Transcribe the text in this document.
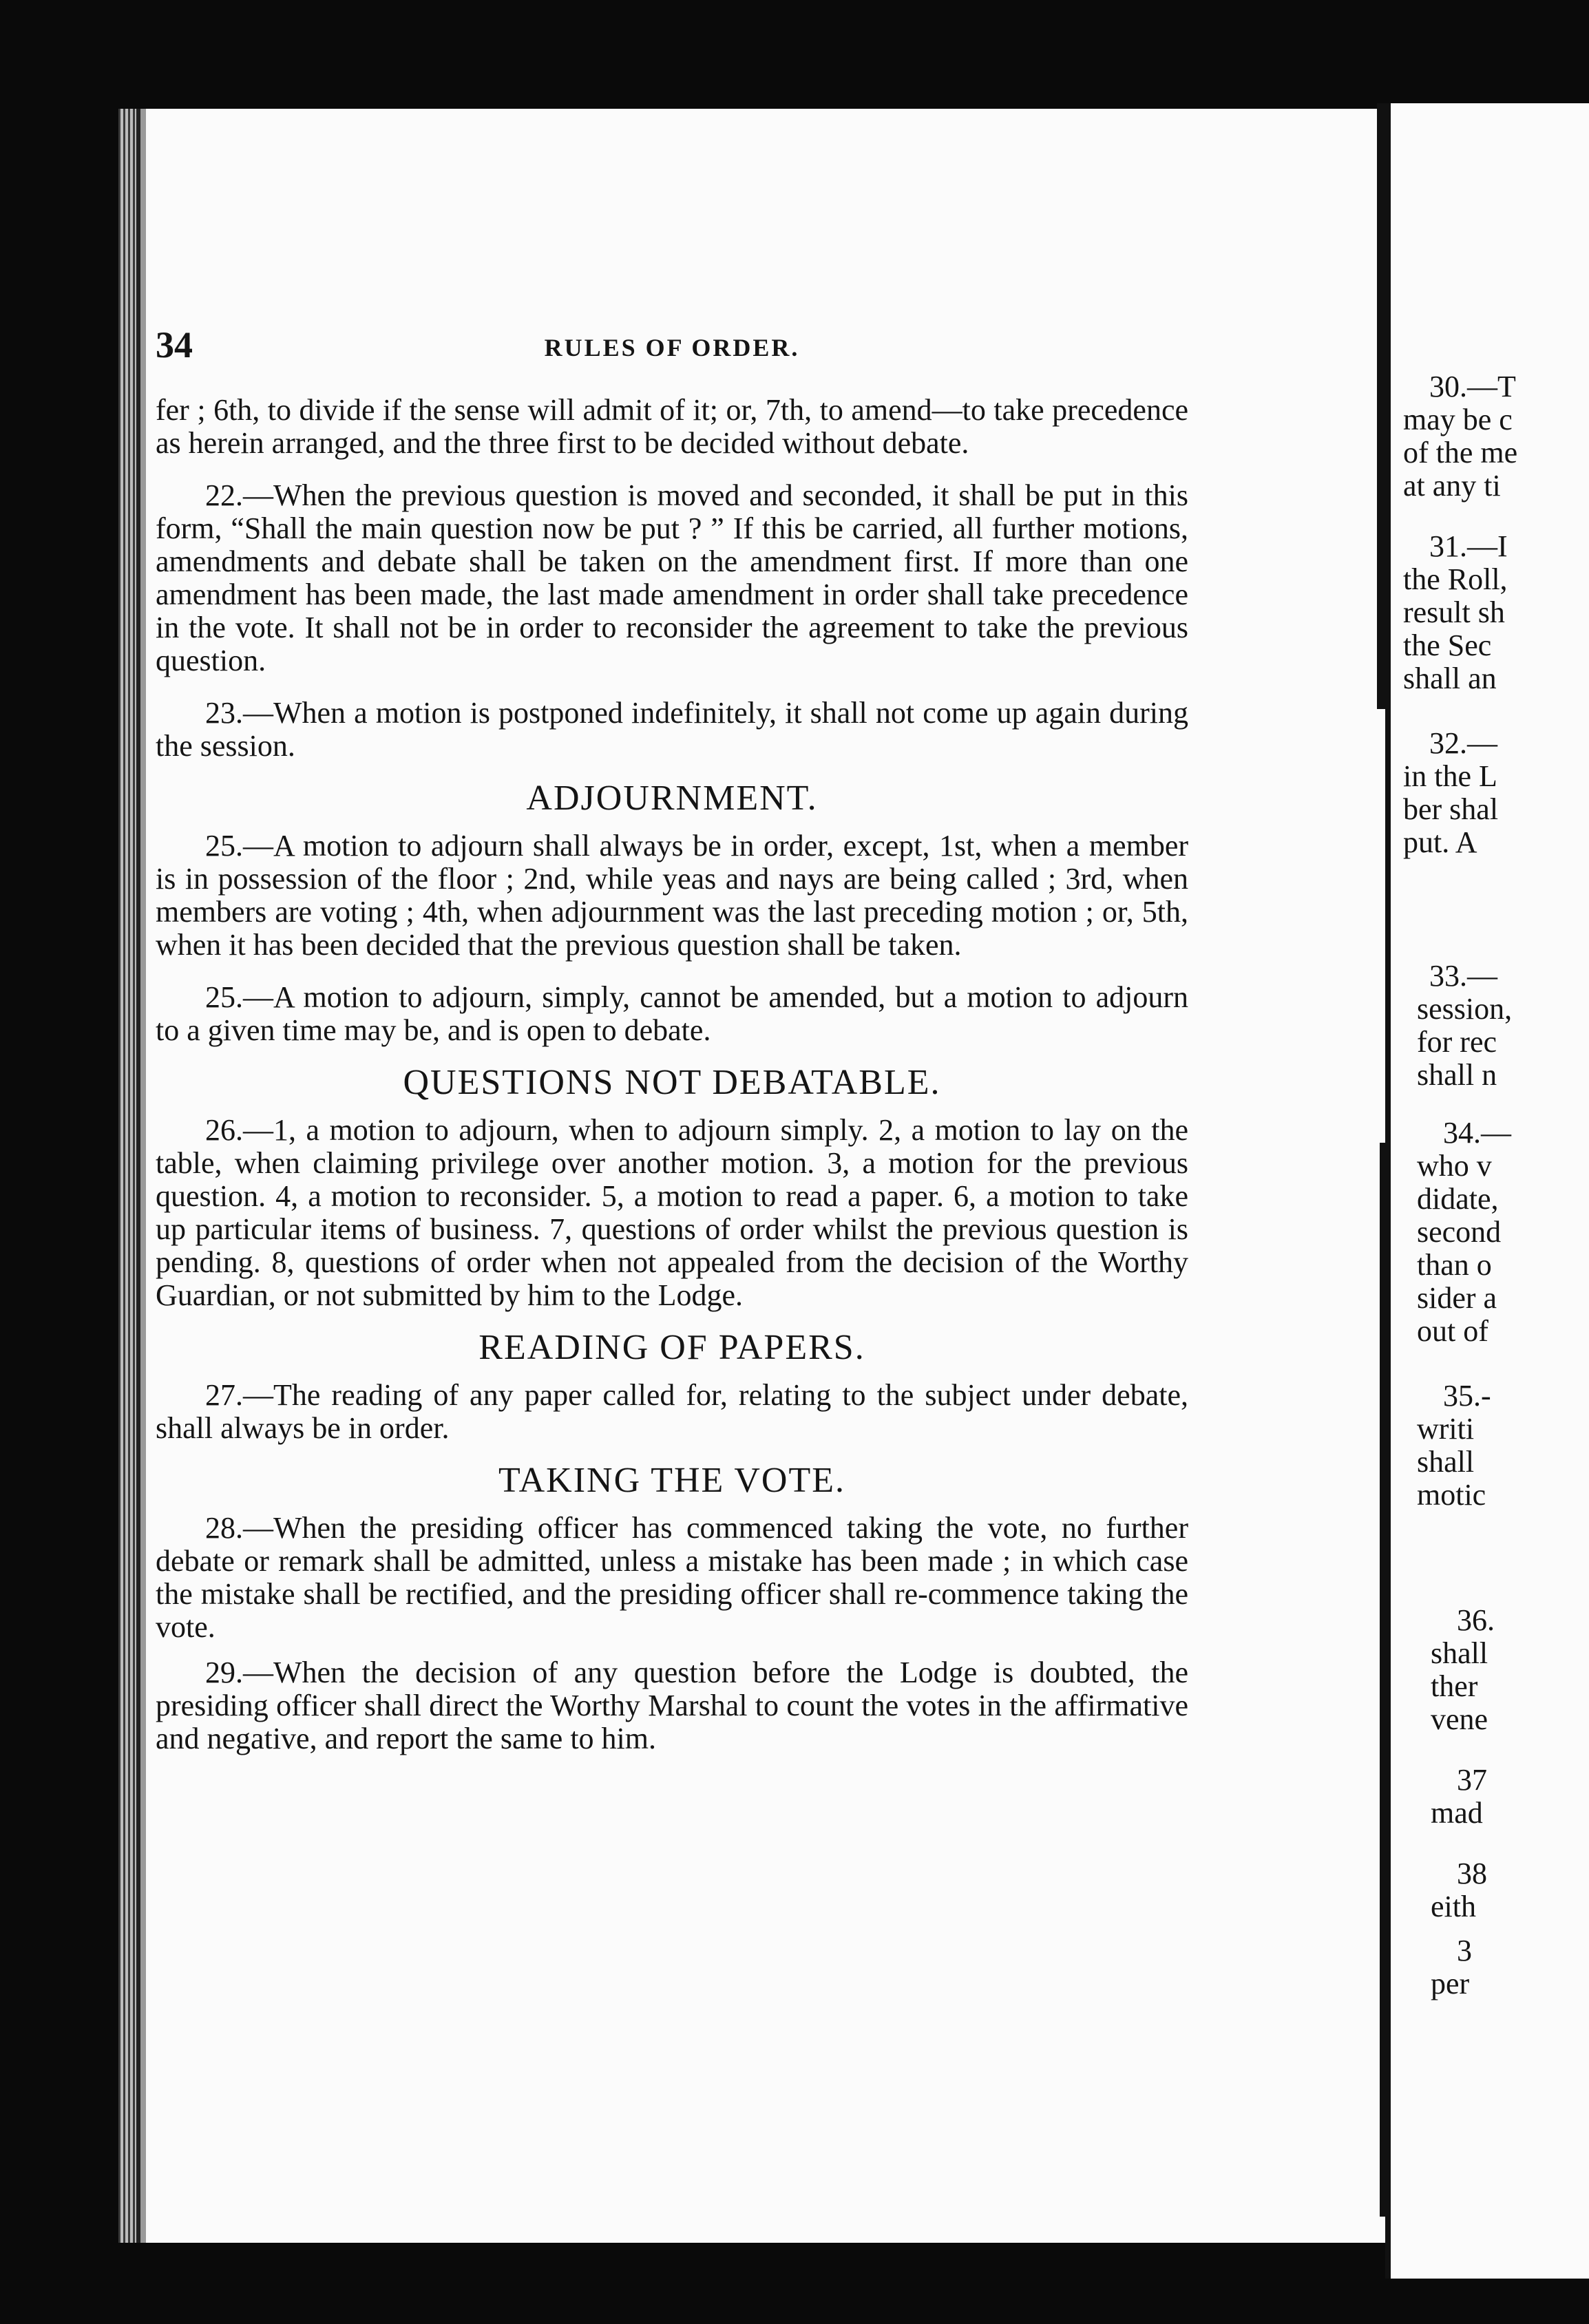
34	RULES OF ORDER.

fer ; 6th, to divide if the sense will admit of it; or, 7th, to amend—to take precedence as herein arranged, and the three first to be decided without debate.

22.—When the previous question is moved and seconded, it shall be put in this form, “Shall the main question now be put ? ” If this be carried, all further motions, amendments and debate shall be taken on the amendment first. If more than one amendment has been made, the last made amendment in order shall take precedence in the vote. It shall not be in order to reconsider the agreement to take the previous question.

23.—When a motion is postponed indefinitely, it shall not come up again during the session.

ADJOURNMENT.

25.—A motion to adjourn shall always be in order, except, 1st, when a member is in possession of the floor ; 2nd, while yeas and nays are being called ; 3rd, when members are voting ; 4th, when adjournment was the last preceding motion ; or, 5th, when it has been decided that the previous question shall be taken.

25.—A motion to adjourn, simply, cannot be amended, but a motion to adjourn to a given time may be, and is open to debate.

QUESTIONS NOT DEBATABLE.

26.—1, a motion to adjourn, when to adjourn simply. 2, a motion to lay on the table, when claiming privilege over another motion. 3, a motion for the previous question. 4, a motion to reconsider. 5, a motion to read a paper. 6, a motion to take up particular items of business. 7, questions of order whilst the previous question is pending. 8, questions of order when not appealed from the decision of the Worthy Guardian, or not submitted by him to the Lodge.

READING OF PAPERS.

27.—The reading of any paper called for, relating to the subject under debate, shall always be in order.

TAKING THE VOTE.

28.—When the presiding officer has commenced taking the vote, no further debate or remark shall be admitted, unless a mistake has been made ; in which case the mistake shall be rectified, and the presiding officer shall re-commence taking the vote.

29.—When the decision of any question before the Lodge is doubted, the presiding officer shall direct the Worthy Marshal to count the votes in the affirmative and negative, and report the same to him.

30.—T
may be c
of the me
at any ti
31.—I
the Roll,
result sh
the Sec
shall an
32.—
in the L
ber shal
put. A
33.—
session,
for rec
shall n
34.—
who v
didate,
second
than o
sider a
out of
35.-
writi
shall
motic
36.
shall
ther
vene
37
mad
38
eith
3
per
